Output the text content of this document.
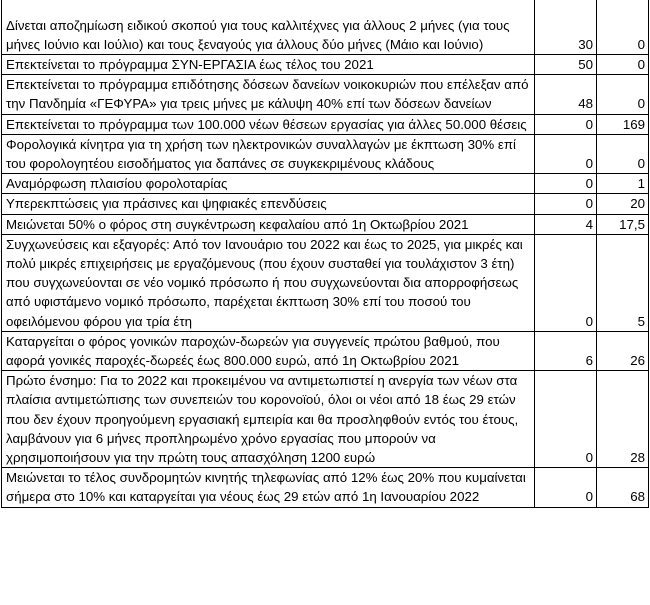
Δίνεται αποζημίωση ειδικού σκοπού για τους καλλιτέχνες για άλλους 2 μήνες (για τους μήνες Ιούνιο και Ιούλιο) και τους ξεναγούς για άλλους δύο μήνες (Μάιο και Ιούνιο)	30	0
Επεκτείνεται το πρόγραμμα ΣΥΝ-ΕΡΓΑΣΙΑ έως τέλος του 2021	50	0
Επεκτείνεται το πρόγραμμα επιδότησης δόσεων δανείων νοικοκυριών που επέλεξαν από την Πανδημία «ΓΕΦΥΡΑ» για τρεις μήνες με κάλυψη 40% επί των δόσεων δανείων	48	0
Επεκτείνεται το πρόγραμμα των 100.000 νέων θέσεων εργασίας για άλλες 50.000 θέσεις	0	169
Φορολογικά κίνητρα για τη χρήση των ηλεκτρονικών συναλλαγών με έκπτωση 30% επί του φορολογητέου εισοδήματος για δαπάνες σε συγκεκριμένους κλάδους	0	0
Αναμόρφωση πλαισίου φορολοταρίας	0	1
Υπερεκπτώσεις για πράσινες και ψηφιακές επενδύσεις	0	20
Μειώνεται 50% ο φόρος στη συγκέντρωση κεφαλαίου από 1η Οκτωβρίου 2021	4	17,5
Συγχωνεύσεις και εξαγορές: Από τον Ιανουάριο του 2022 και έως το 2025, για μικρές και πολύ μικρές επιχειρήσεις με εργαζόμενους (που έχουν συσταθεί για τουλάχιστον 3 έτη) που συγχωνεύονται σε νέο νομικό πρόσωπο ή που συγχωνεύονται δια απορροφήσεως από υφιστάμενο νομικό πρόσωπο, παρέχεται έκπτωση 30% επί του ποσού του οφειλόμενου φόρου για τρία έτη	0	5
Καταργείται ο φόρος γονικών παροχών-δωρεών για συγγενείς πρώτου βαθμού, που αφορά γονικές παροχές-δωρεές έως 800.000 ευρώ, από 1η Οκτωβρίου 2021	6	26
Πρώτο ένσημο: Για το 2022 και προκειμένου να αντιμετωπιστεί η ανεργία των νέων στα πλαίσια αντιμετώπισης των συνεπειών του κορονοϊού, όλοι οι νέοι από 18 έως 29 ετών που δεν έχουν προηγούμενη εργασιακή εμπειρία και θα προσληφθούν εντός του έτους, λαμβάνουν για 6 μήνες προπληρωμένο χρόνο εργασίας που μπορούν να χρησιμοποιήσουν για την πρώτη τους απασχόληση 1200 ευρώ	0	28
Μειώνεται το τέλος συνδρομητών κινητής τηλεφωνίας από 12% έως 20% που κυμαίνεται σήμερα στο 10% και καταργείται για νέους έως 29 ετών από 1η Ιανουαρίου 2022	0	68
